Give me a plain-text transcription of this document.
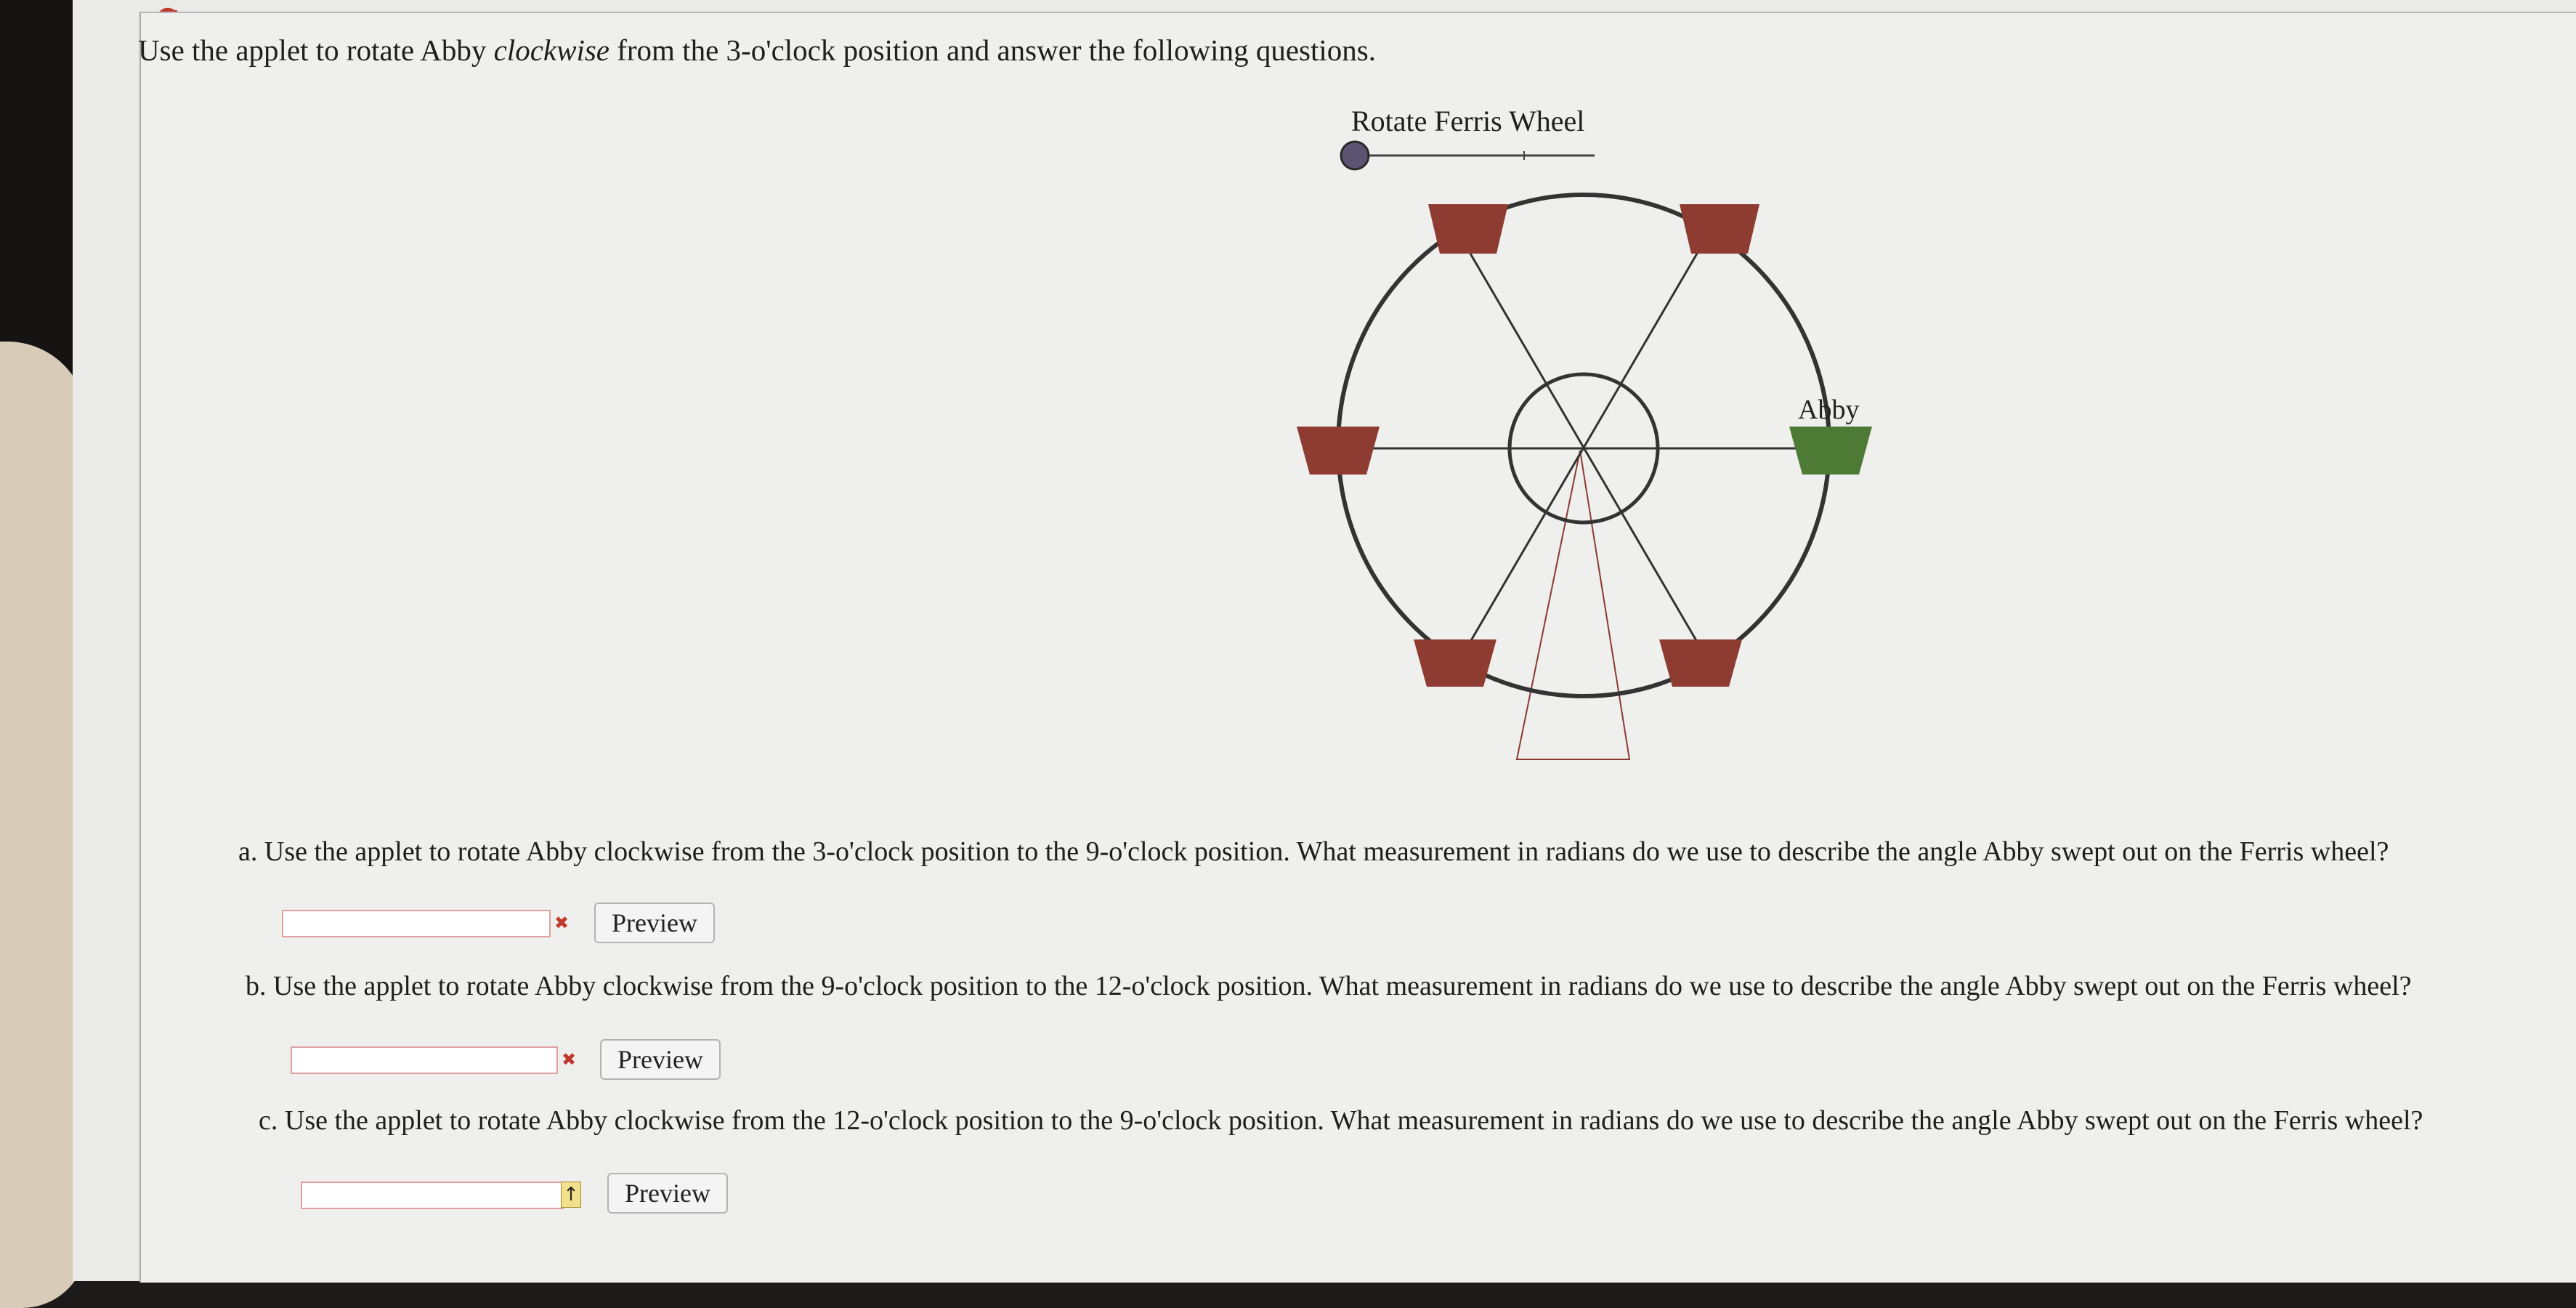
Use the applet to rotate Abby clockwise from the 3-o'clock position and answer the following questions.
Rotate Ferris Wheel
Abby
a. Use the applet to rotate Abby clockwise from the 3-o'clock position to the 9-o'clock position. What measurement in radians do we use to describe the angle Abby swept out on the Ferris wheel?
✖	Preview
b. Use the applet to rotate Abby clockwise from the 9-o'clock position to the 12-o'clock position. What measurement in radians do we use to describe the angle Abby swept out on the Ferris wheel?
✖	Preview
c. Use the applet to rotate Abby clockwise from the 12-o'clock position to the 9-o'clock position. What measurement in radians do we use to describe the angle Abby swept out on the Ferris wheel?
↑	Preview
